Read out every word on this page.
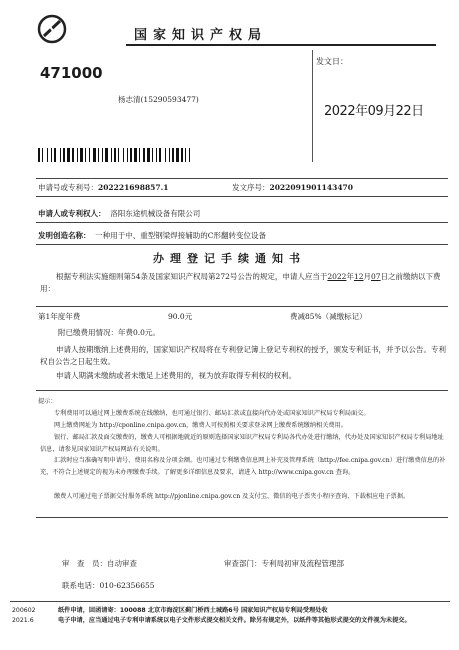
国家知识产权局
471000
杨志清(15290593477)
发文日：
2022年09月22日
申请号或专利号：202221698857.1	发文序号：2022091901143470
申请人或专利权人： 洛阳东途机械设备有限公司
发明创造名称： 一种用于中、重型钢梁焊接辅助的C形翻转变位设备
办理登记手续通知书
根据专利法实施细则第54条及国家知识产权局第272号公告的规定，申请人应当于2022年12月07日之前缴纳以下费用：
第1年度年费	90.0元	费减85%（减缴标记）
附已缴费用情况：年费0.0元。
申请人按期缴纳上述费用的，国家知识产权局将在专利登记簿上登记专利权的授予，颁发专利证书，并予以公告。专利权自公告之日起生效。
申请人期满未缴纳或者未缴足上述费用的，视为放弃取得专利权的权利。
提示：
专利费用可以通过网上缴费系统在线缴纳，也可通过银行、邮局汇款或直接向代办处或国家知识产权局专利局面交。
网上缴费网址为 http://cponline.cnipa.gov.cn，缴费人可按照相关要求登录网上缴费系统缴纳相关费用。
银行、邮局汇款及面交缴费的，缴费人可根据地就近的原则选择国家知识产权局专利局各代办处进行缴纳，代办处及国家知识产权局专利局地址信息，请参见国家知识产权局网站有关说明。
汇款时应当准确写明申请号、费用名称及分项金额。也可通过专利缴费信息网上补充及管理系统（http://fee.cnipa.gov.cn）进行缴费信息的补充，不符合上述规定的视为未办理缴费手续。了解更多详细信息及要求，请进入 http://www.cnipa.gov.cn 查询。
缴费人可通过电子票据交付服务系统 http://pjonline.cnipa.gov.cn 及支付宝、微信的电子票夹小程序查询、下载相应电子票据。
审　查　员：自动审查	审查部门：专利局初审及流程管理部
联系电话：010-62356655
200602
2021.6
纸件申请，回函请寄：100088 北京市海淀区蓟门桥西土城路6号 国家知识产权局专利局受理处收
电子申请，应当通过电子专利申请系统以电子文件形式提交相关文件。除另有规定外，以纸件等其他形式提交的文件视为未提交。
